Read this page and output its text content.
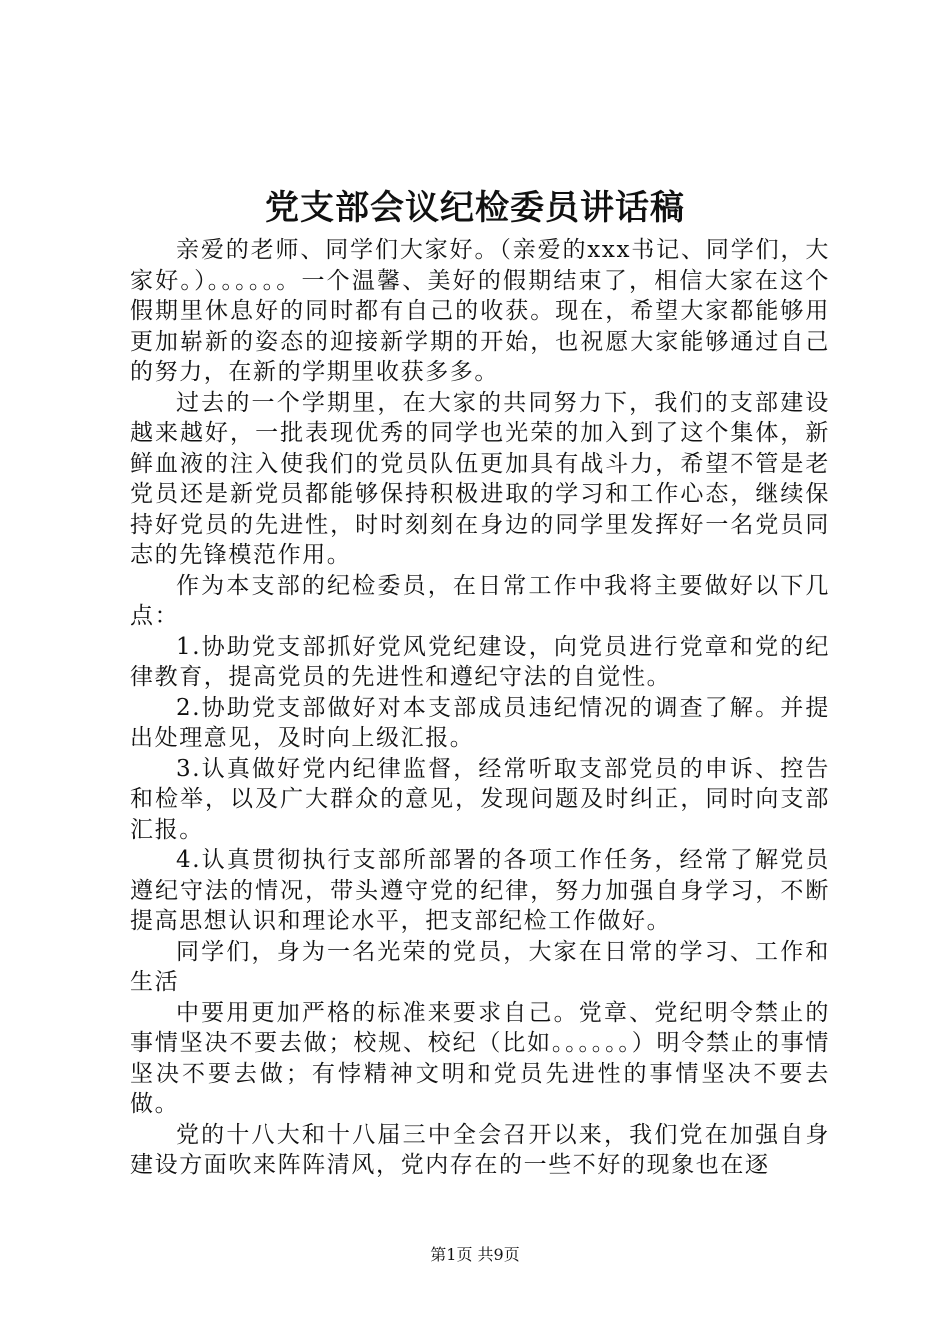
党支部会议纪检委员讲话稿

亲爱的老师、同学们大家好。（亲爱的xxx书记、同学们，大家好。）。。。。。。一个温馨、美好的假期结束了，相信大家在这个假期里休息好的同时都有自己的收获。现在，希望大家都能够用更加崭新的姿态的迎接新学期的开始，也祝愿大家能够通过自己的努力，在新的学期里收获多多。

过去的一个学期里，在大家的共同努力下，我们的支部建设越来越好，一批表现优秀的同学也光荣的加入到了这个集体，新鲜血液的注入使我们的党员队伍更加具有战斗力，希望不管是老党员还是新党员都能够保持积极进取的学习和工作心态，继续保持好党员的先进性，时时刻刻在身边的同学里发挥好一名党员同志的先锋模范作用。

作为本支部的纪检委员，在日常工作中我将主要做好以下几点：

1.协助党支部抓好党风党纪建设，向党员进行党章和党的纪律教育，提高党员的先进性和遵纪守法的自觉性。

2.协助党支部做好对本支部成员违纪情况的调查了解。并提出处理意见，及时向上级汇报。

3.认真做好党内纪律监督，经常听取支部党员的申诉、控告和检举，以及广大群众的意见，发现问题及时纠正，同时向支部汇报。

4.认真贯彻执行支部所部署的各项工作任务，经常了解党员遵纪守法的情况，带头遵守党的纪律，努力加强自身学习，不断提高思想认识和理论水平，把支部纪检工作做好。

同学们，身为一名光荣的党员，大家在日常的学习、工作和生活

中要用更加严格的标准来要求自己。党章、党纪明令禁止的事情坚决不要去做；校规、校纪（比如。。。。。。）明令禁止的事情坚决不要去做；有悖精神文明和党员先进性的事情坚决不要去做。

党的十八大和十八届三中全会召开以来，我们党在加强自身建设方面吹来阵阵清风，党内存在的一些不好的现象也在逐

第1页 共9页
